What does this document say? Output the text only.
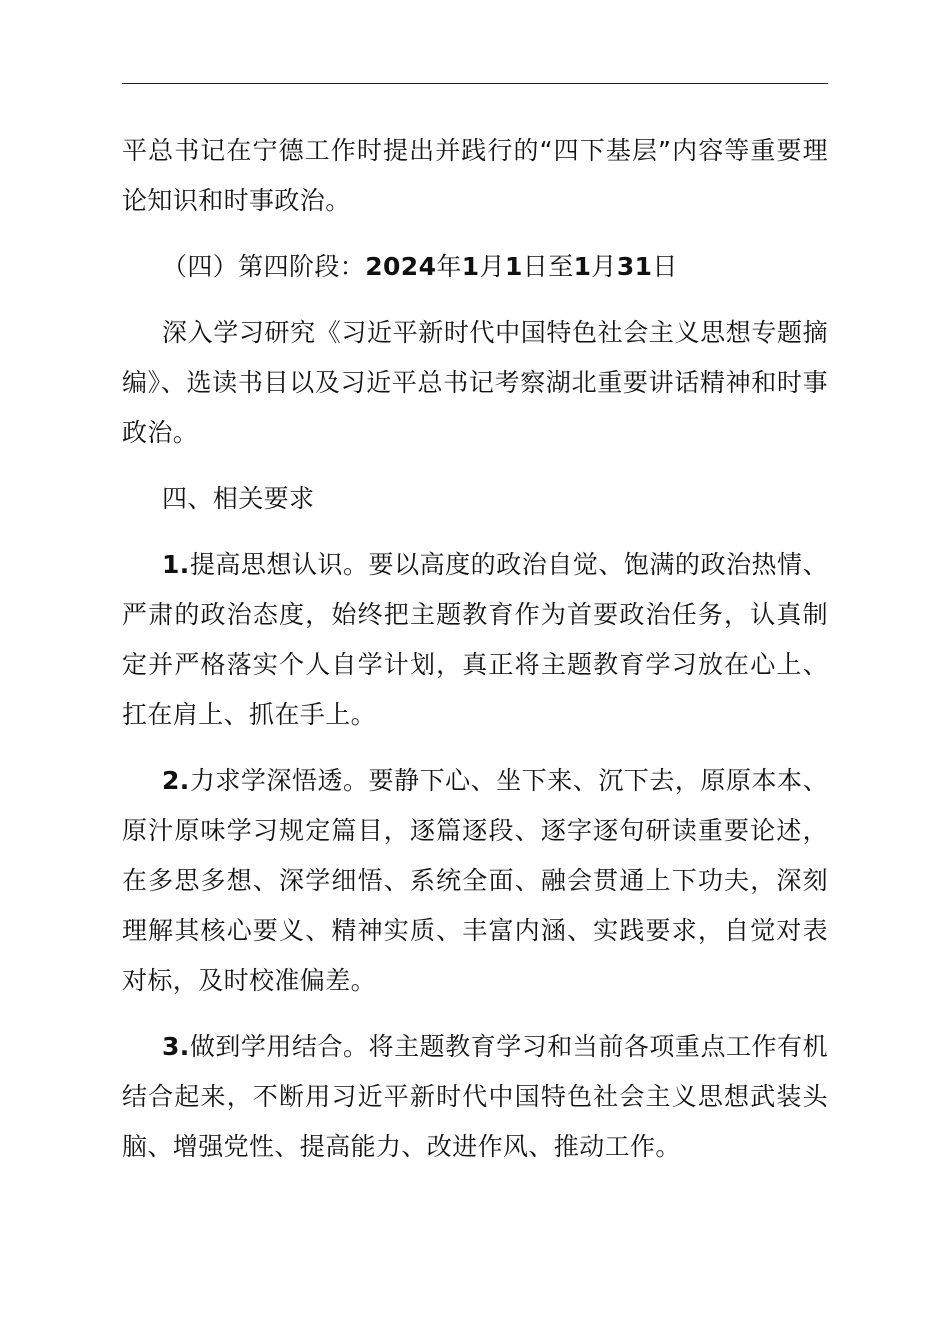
平总书记在宁德工作时提出并践行的“四下基层”内容等重要理论知识和时事政治。

（四）第四阶段：2024年1月1日至1月31日

深入学习研究《习近平新时代中国特色社会主义思想专题摘编》、选读书目以及习近平总书记考察湖北重要讲话精神和时事政治。

四、相关要求

1.提高思想认识。要以高度的政治自觉、饱满的政治热情、严肃的政治态度，始终把主题教育作为首要政治任务，认真制定并严格落实个人自学计划，真正将主题教育学习放在心上、扛在肩上、抓在手上。

2.力求学深悟透。要静下心、坐下来、沉下去，原原本本、原汁原味学习规定篇目，逐篇逐段、逐字逐句研读重要论述，在多思多想、深学细悟、系统全面、融会贯通上下功夫，深刻理解其核心要义、精神实质、丰富内涵、实践要求，自觉对表对标，及时校准偏差。

3.做到学用结合。将主题教育学习和当前各项重点工作有机结合起来，不断用习近平新时代中国特色社会主义思想武装头脑、增强党性、提高能力、改进作风、推动工作。
